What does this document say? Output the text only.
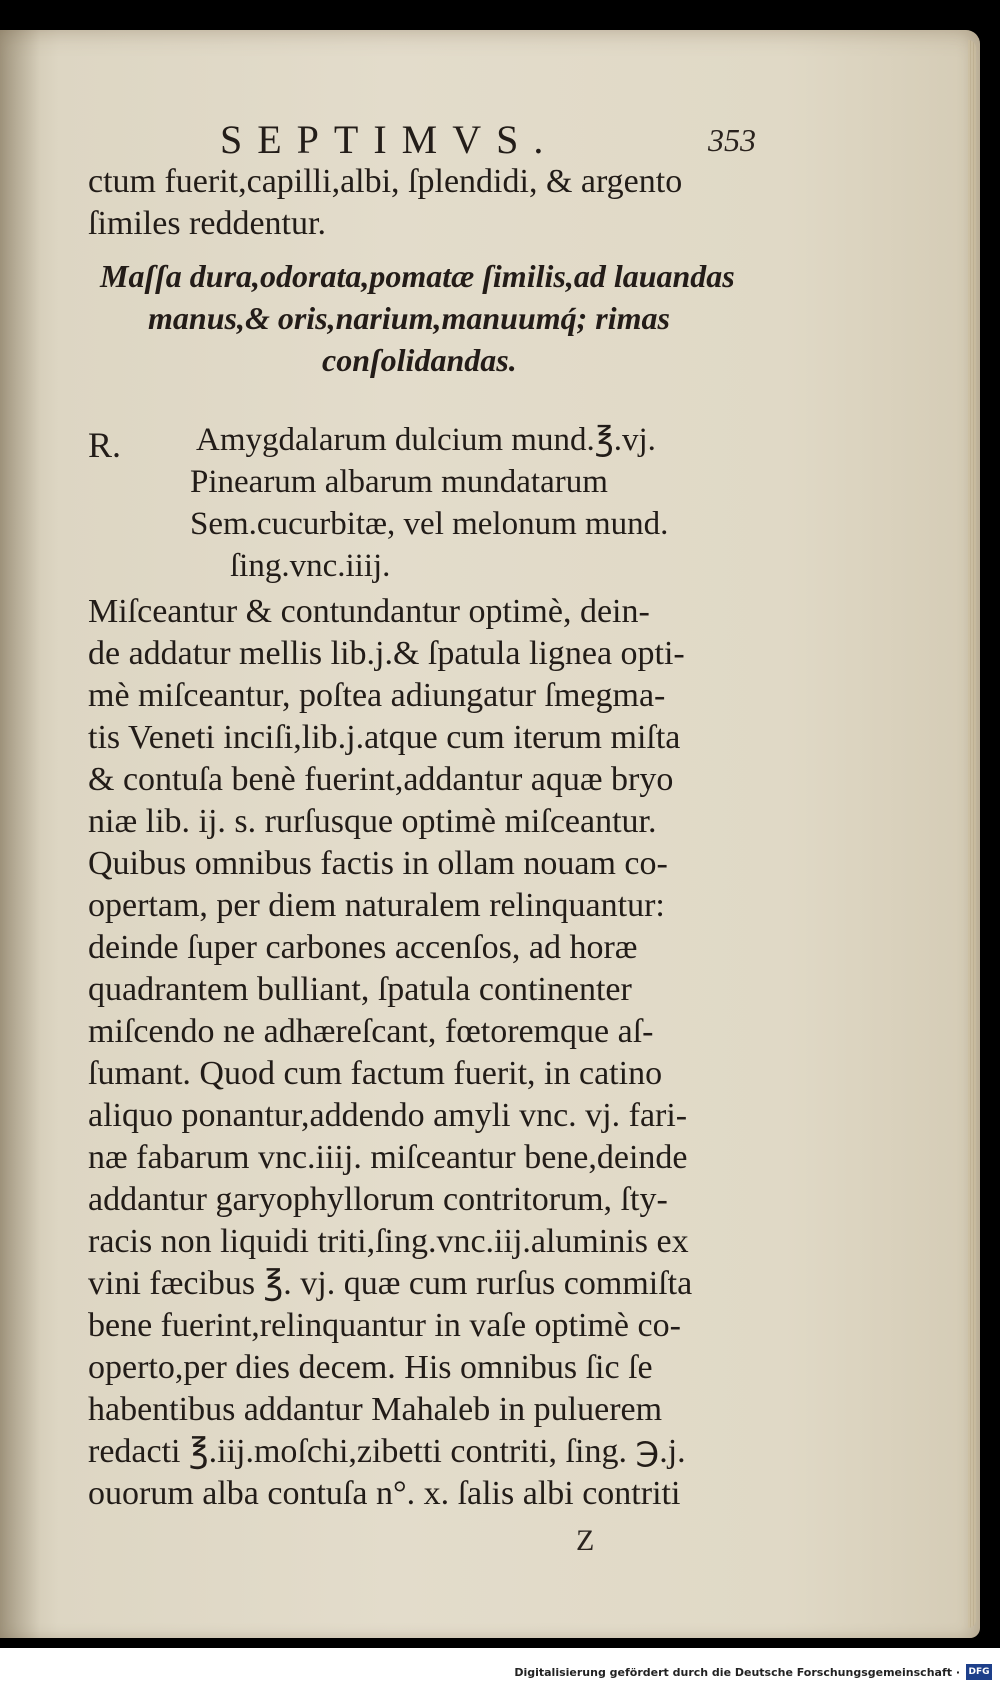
SEPTIMVS.	353
ctum fuerit,capilli,albi, ſplendidi, & argento
ſimiles reddentur.
Maſſa dura,odorata,pomatæ ſimilis,ad lauandas
manus,& oris,narium,manuumq́; rimas
conſolidandas.
R. Amygdalarum dulcium mund.℥.vj.
Pinearum albarum mundatarum
Sem.cucurbitæ, vel melonum mund.
ſing.vnc.iiij.
Miſceantur & contundantur optimè, dein-
de addatur mellis lib.j.& ſpatula lignea opti-
mè miſceantur, poſtea adiungatur ſmegma-
tis Veneti inciſi,lib.j.atque cum iterum miſta
& contuſa benè fuerint,addantur aquæ bryo
niæ lib. ij. s. rurſusque optimè miſceantur.
Quibus omnibus factis in ollam nouam co-
opertam, per diem naturalem relinquantur:
deinde ſuper carbones accenſos, ad horæ
quadrantem bulliant, ſpatula continenter
miſcendo ne adhæreſcant, fœtoremque aſ-
ſumant. Quod cum factum fuerit, in catino
aliquo ponantur,addendo amyli vnc. vj. fari-
næ fabarum vnc.iiij. miſceantur bene,deinde
addantur garyophyllorum contritorum, ſty-
racis non liquidi triti,ſing.vnc.iij.aluminis ex
vini fæcibus ℥. vj. quæ cum rurſus commiſta
bene fuerint,relinquantur in vaſe optimè co-
operto,per dies decem. His omnibus ſic ſe
habentibus addantur Mahaleb in puluerem
redacti ℥.iij.moſchi,zibetti contriti, ſing. ℈.j.
ouorum alba contuſa n°. x. ſalis albi contriti
Z
Digitalisierung gefördert durch die Deutsche Forschungsgemeinschaft · DFG
